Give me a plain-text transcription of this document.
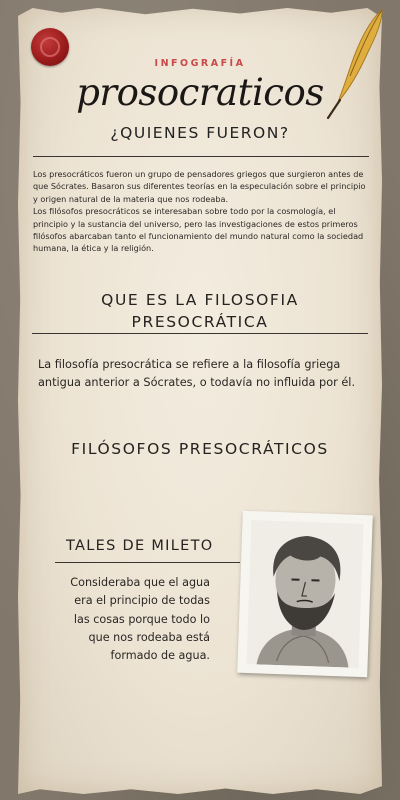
INFOGRAFÍA
prosocraticos
¿QUIENES FUERON?

Los presocráticos fueron un grupo de pensadores griegos que surgieron antes de que Sócrates. Basaron sus diferentes teorías en la especulación sobre el principio y origen natural de la materia que nos rodeaba.

Los filósofos presocráticos se interesaban sobre todo por la cosmología, el principio y la sustancia del universo, pero las investigaciones de estos primeros filósofos abarcaban tanto el funcionamiento del mundo natural como la sociedad humana, la ética y la religión.

QUE ES LA FILOSOFIA
PRESOCRÁTICA
La filosofía presocrática se refiere a la filosofía griega antigua anterior a Sócrates, o todavía no influida por él.
FILÓSOFOS PRESOCRÁTICOS
TALES DE MILETO
Consideraba que el agua era el principio de todas las cosas porque todo lo que nos rodeaba está formado de agua.
